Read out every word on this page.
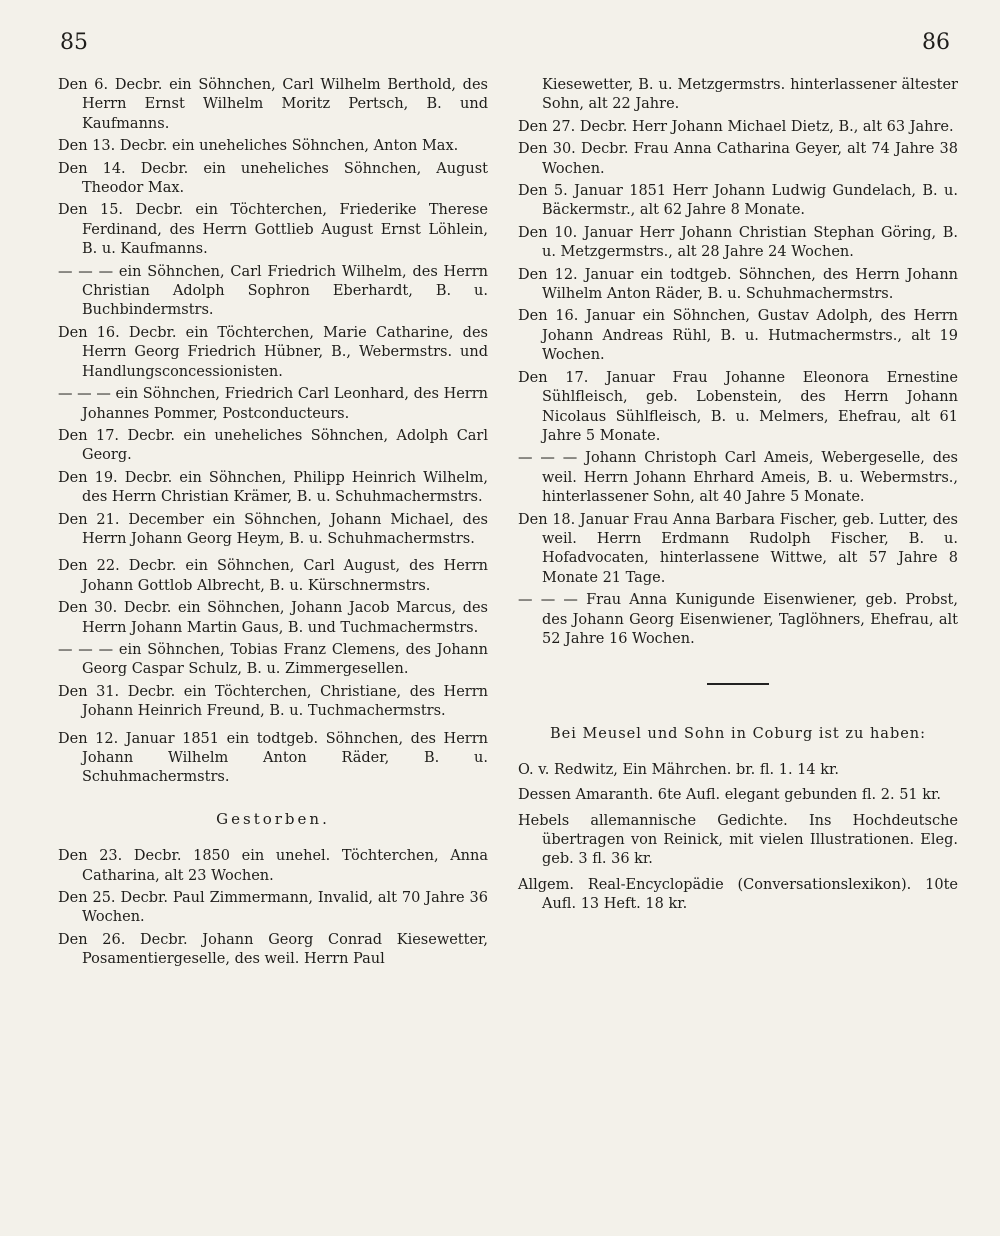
85	86

Den 6. Decbr. ein Söhnchen, Carl Wilhelm Berthold, des Herrn Ernst Wilhelm Moritz Pertsch, B. und Kaufmanns.

Den 13. Decbr. ein uneheliches Söhnchen, Anton Max.

Den 14. Decbr. ein uneheliches Söhnchen, August Theodor Max.

Den 15. Decbr. ein Töchterchen, Friederike Therese Ferdinand, des Herrn Gottlieb August Ernst Löhlein, B. u. Kaufmanns.

— — — ein Söhnchen, Carl Friedrich Wilhelm, des Herrn Christian Adolph Sophron Eberhardt, B. u. Buchbindermstrs.

Den 16. Decbr. ein Töchterchen, Marie Catharine, des Herrn Georg Friedrich Hübner, B., Webermstrs. und Handlungsconcessionisten.

— — — ein Söhnchen, Friedrich Carl Leonhard, des Herrn Johannes Pommer, Postconducteurs.

Den 17. Decbr. ein uneheliches Söhnchen, Adolph Carl Georg.

Den 19. Decbr. ein Söhnchen, Philipp Heinrich Wilhelm, des Herrn Christian Krämer, B. u. Schuhmachermstrs.

Den 21. December ein Söhnchen, Johann Michael, des Herrn Johann Georg Heym, B. u. Schuhmachermstrs.

Den 22. Decbr. ein Söhnchen, Carl August, des Herrn Johann Gottlob Albrecht, B. u. Kürschnermstrs.

Den 30. Decbr. ein Söhnchen, Johann Jacob Marcus, des Herrn Johann Martin Gaus, B. und Tuchmachermstrs.

— — — ein Söhnchen, Tobias Franz Clemens, des Johann Georg Caspar Schulz, B. u. Zimmergesellen.

Den 31. Decbr. ein Töchterchen, Christiane, des Herrn Johann Heinrich Freund, B. u. Tuchmachermstrs.

Den 12. Januar 1851 ein todtgeb. Söhnchen, des Herrn Johann Wilhelm Anton Räder, B. u. Schuhmachermstrs.

Gestorben.

Den 23. Decbr. 1850 ein unehel. Töchterchen, Anna Catharina, alt 23 Wochen.

Den 25. Decbr. Paul Zimmermann, Invalid, alt 70 Jahre 36 Wochen.

Den 26. Decbr. Johann Georg Conrad Kiesewetter, Posamentiergeselle, des weil. Herrn Paul

Kiesewetter, B. u. Metzgermstrs. hinterlassener ältester Sohn, alt 22 Jahre.

Den 27. Decbr. Herr Johann Michael Dietz, B., alt 63 Jahre.

Den 30. Decbr. Frau Anna Catharina Geyer, alt 74 Jahre 38 Wochen.

Den 5. Januar 1851 Herr Johann Ludwig Gundelach, B. u. Bäckermstr., alt 62 Jahre 8 Monate.

Den 10. Januar Herr Johann Christian Stephan Göring, B. u. Metzgermstrs., alt 28 Jahre 24 Wochen.

Den 12. Januar ein todtgeb. Söhnchen, des Herrn Johann Wilhelm Anton Räder, B. u. Schuhmachermstrs.

Den 16. Januar ein Söhnchen, Gustav Adolph, des Herrn Johann Andreas Rühl, B. u. Hutmachermstrs., alt 19 Wochen.

Den 17. Januar Frau Johanne Eleonora Ernestine Sühlfleisch, geb. Lobenstein, des Herrn Johann Nicolaus Sühlfleisch, B. u. Melmers, Ehefrau, alt 61 Jahre 5 Monate.

— — — Johann Christoph Carl Ameis, Webergeselle, des weil. Herrn Johann Ehrhard Ameis, B. u. Webermstrs., hinterlassener Sohn, alt 40 Jahre 5 Monate.

Den 18. Januar Frau Anna Barbara Fischer, geb. Lutter, des weil. Herrn Erdmann Rudolph Fischer, B. u. Hofadvocaten, hinterlassene Wittwe, alt 57 Jahre 8 Monate 21 Tage.

— — — Frau Anna Kunigunde Eisenwiener, geb. Probst, des Johann Georg Eisenwiener, Taglöhners, Ehefrau, alt 52 Jahre 16 Wochen.

Bei Meusel und Sohn in Coburg ist zu haben:

O. v. Redwitz, Ein Mährchen. br. fl. 1. 14 kr.

Dessen Amaranth. 6te Aufl. elegant gebunden fl. 2. 51 kr.

Hebels allemannische Gedichte. Ins Hochdeutsche übertragen von Reinick, mit vielen Illustrationen. Eleg. geb. 3 fl. 36 kr.

Allgem. Real-Encyclopädie (Conversationslexikon). 10te Aufl. 13 Heft. 18 kr.
